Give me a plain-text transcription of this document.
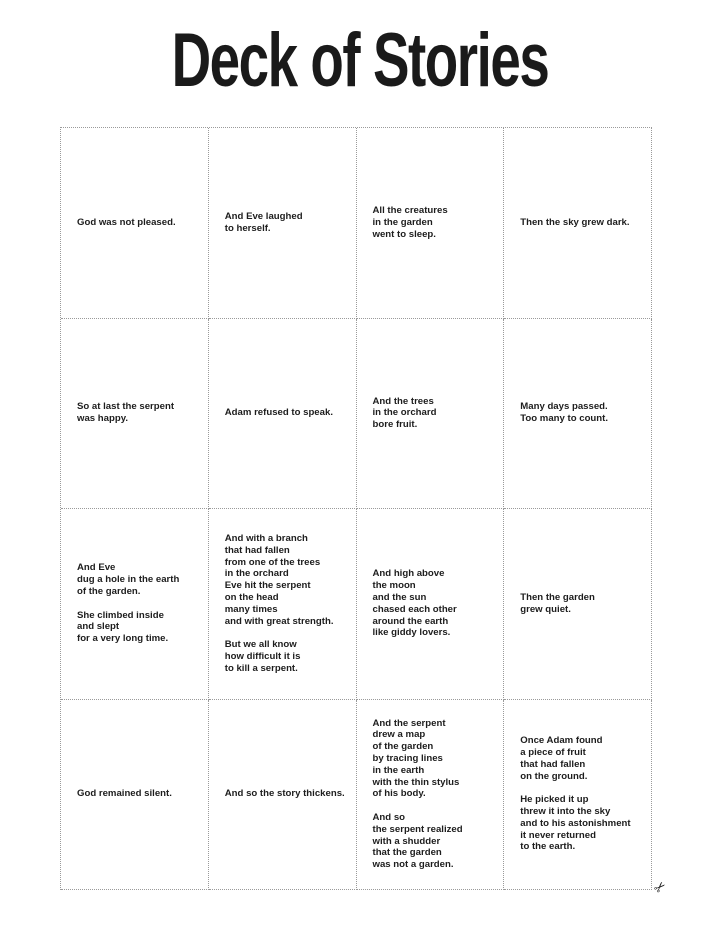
Deck of Stories
God was not pleased.
And Eve laughed
to herself.
All the creatures
in the garden
went to sleep.
Then the sky grew dark.
So at last the serpent
was happy.
Adam refused to speak.
And the trees
in the orchard
bore fruit.
Many days passed.
Too many to count.
And Eve
dug a hole in the earth
of the garden.

She climbed inside
and slept
for a very long time.
And with a branch
that had fallen
from one of the trees
in the orchard
Eve hit the serpent
on the head
many times
and with great strength.

But we all know
how difficult it is
to kill a serpent.
And high above
the moon
and the sun
chased each other
around the earth
like giddy lovers.
Then the garden
grew quiet.
God remained silent.	And so the story thickens.
And the serpent
drew a map
of the garden
by tracing lines
in the earth
with the thin stylus
of his body.

And so
the serpent realized
with a shudder
that the garden
was not a garden.
Once Adam found
a piece of fruit
that had fallen
on the ground.

He picked it up
threw it into the sky
and to his astonishment
it never returned
to the earth.
✂
